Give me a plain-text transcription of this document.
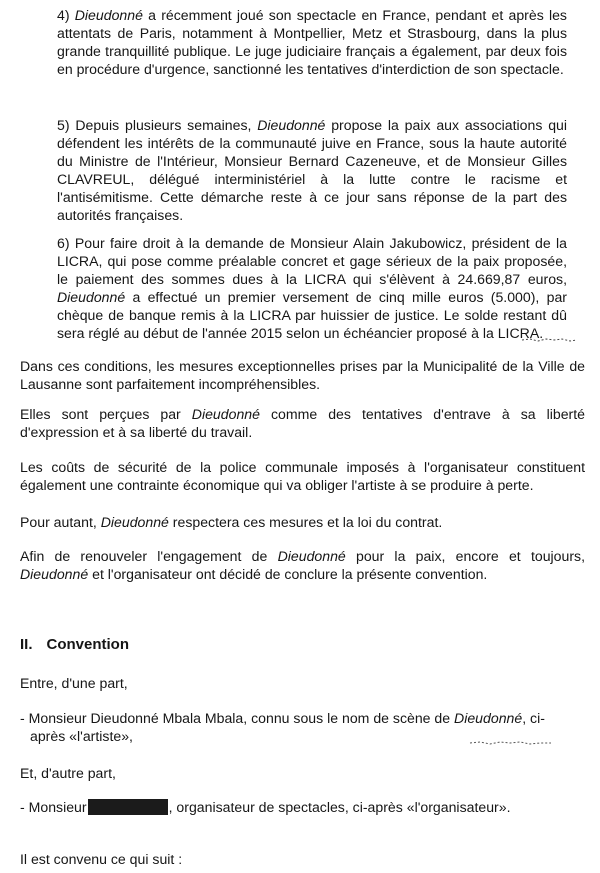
4) Dieudonné a récemment joué son spectacle en France, pendant et après les attentats de Paris, notamment à Montpellier, Metz et Strasbourg, dans la plus grande tranquillité publique. Le juge judiciaire français a également, par deux fois en procédure d'urgence, sanctionné les tentatives d'interdiction de son spectacle.

5) Depuis plusieurs semaines, Dieudonné propose la paix aux associations qui défendent les intérêts de la communauté juive en France, sous la haute autorité du Ministre de l'Intérieur, Monsieur Bernard Cazeneuve, et de Monsieur Gilles CLAVREUL, délégué interministériel à la lutte contre le racisme et l'antisémitisme. Cette démarche reste à ce jour sans réponse de la part des autorités françaises.

6) Pour faire droit à la demande de Monsieur Alain Jakubowicz, président de la LICRA, qui pose comme préalable concret et gage sérieux de la paix proposée, le paiement des sommes dues à la LICRA qui s'élèvent à 24.669,87 euros, Dieudonné a effectué un premier versement de cinq mille euros (5.000), par chèque de banque remis à la LICRA par huissier de justice. Le solde restant dû sera réglé au début de l'année 2015 selon un échéancier proposé à la LICRA.

Dans ces conditions, les mesures exceptionnelles prises par la Municipalité de la Ville de Lausanne sont parfaitement incompréhensibles.

Elles sont perçues par Dieudonné comme des tentatives d'entrave à sa liberté d'expression et à sa liberté du travail.

Les coûts de sécurité de la police communale imposés à l'organisateur constituent également une contrainte économique qui va obliger l'artiste à se produire à perte.

Pour autant, Dieudonné respectera ces mesures et la loi du contrat.

Afin de renouveler l'engagement de Dieudonné pour la paix, encore et toujours, Dieudonné et l'organisateur ont décidé de conclure la présente convention.

II. Convention

Entre, d'une part,

- Monsieur Dieudonné Mbala Mbala, connu sous le nom de scène de Dieudonné, ci-

après «l'artiste»,

Et, d'autre part,

- Monsieur	, organisateur de spectacles, ci-après «l'organisateur».

Il est convenu ce qui suit :
